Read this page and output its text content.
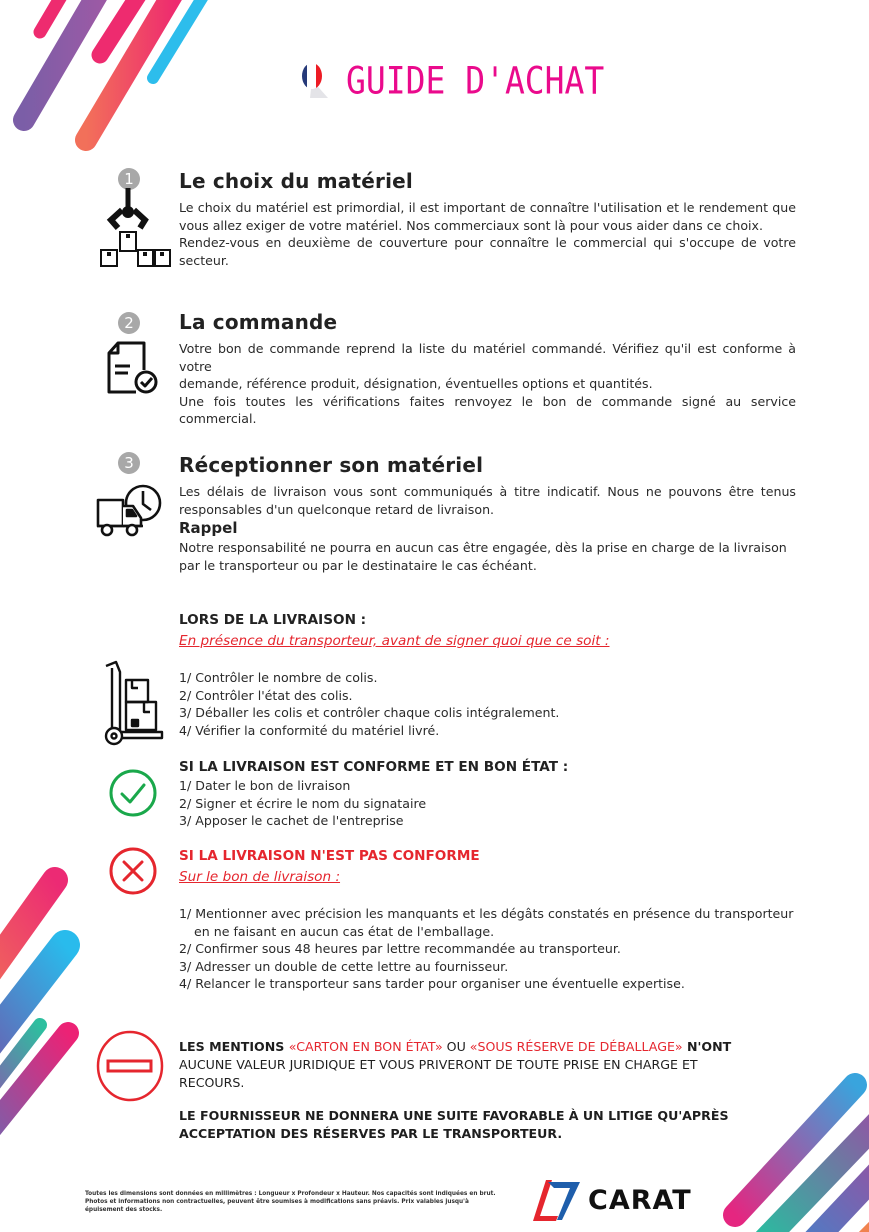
GUIDE D'ACHAT
1	Le choix du matériel
Le choix du matériel est primordial, il est important de connaître l'utilisation et le rendement que
vous allez exiger de votre matériel. Nos commerciaux sont là pour vous aider dans ce choix.
Rendez-vous en deuxième de couverture pour connaître le commercial qui s'occupe de votre
secteur.
2	La commande
Votre bon de commande reprend la liste du matériel commandé. Vérifiez qu'il est conforme à votre
demande, référence produit, désignation, éventuelles options et quantités.
Une fois toutes les vérifications faites renvoyez le bon de commande signé au service commercial.
3	Réceptionner son matériel
Les délais de livraison vous sont communiqués à titre indicatif. Nous ne pouvons être tenus
responsables d'un quelconque retard de livraison.
Rappel
Notre responsabilité ne pourra en aucun cas être engagée, dès la prise en charge de la livraison
par le transporteur ou par le destinataire le cas échéant.
LORS DE LA LIVRAISON :
En présence du transporteur, avant de signer quoi que ce soit :
1/ Contrôler le nombre de colis.
2/ Contrôler l'état des colis.
3/ Déballer les colis et contrôler chaque colis intégralement.
4/ Vérifier la conformité du matériel livré.
SI LA LIVRAISON EST CONFORME ET EN BON ÉTAT :
1/ Dater le bon de livraison
2/ Signer et écrire le nom du signataire
3/ Apposer le cachet de l'entreprise
SI LA LIVRAISON N'EST PAS CONFORME
Sur le bon de livraison :
1/ Mentionner avec précision les manquants et les dégâts constatés en présence du transporteur
en ne faisant en aucun cas état de l'emballage.
2/ Confirmer sous 48 heures par lettre recommandée au transporteur.
3/ Adresser un double de cette lettre au fournisseur.
4/ Relancer le transporteur sans tarder pour organiser une éventuelle expertise.
LES MENTIONS «CARTON EN BON ÉTAT» OU «SOUS RÉSERVE DE DÉBALLAGE» N'ONT
AUCUNE VALEUR JURIDIQUE ET VOUS PRIVERONT DE TOUTE PRISE EN CHARGE ET
RECOURS.
LE FOURNISSEUR NE DONNERA UNE SUITE FAVORABLE À UN LITIGE QU'APRÈS
ACCEPTATION DES RÉSERVES PAR LE TRANSPORTEUR.
Toutes les dimensions sont données en millimètres : Longueur x Profondeur x Hauteur. Nos capacités sont indiquées en brut.
Photos et informations non contractuelles, peuvent être soumises à modifications sans préavis. Prix valables jusqu'à
épuisement des stocks.	CARAT
